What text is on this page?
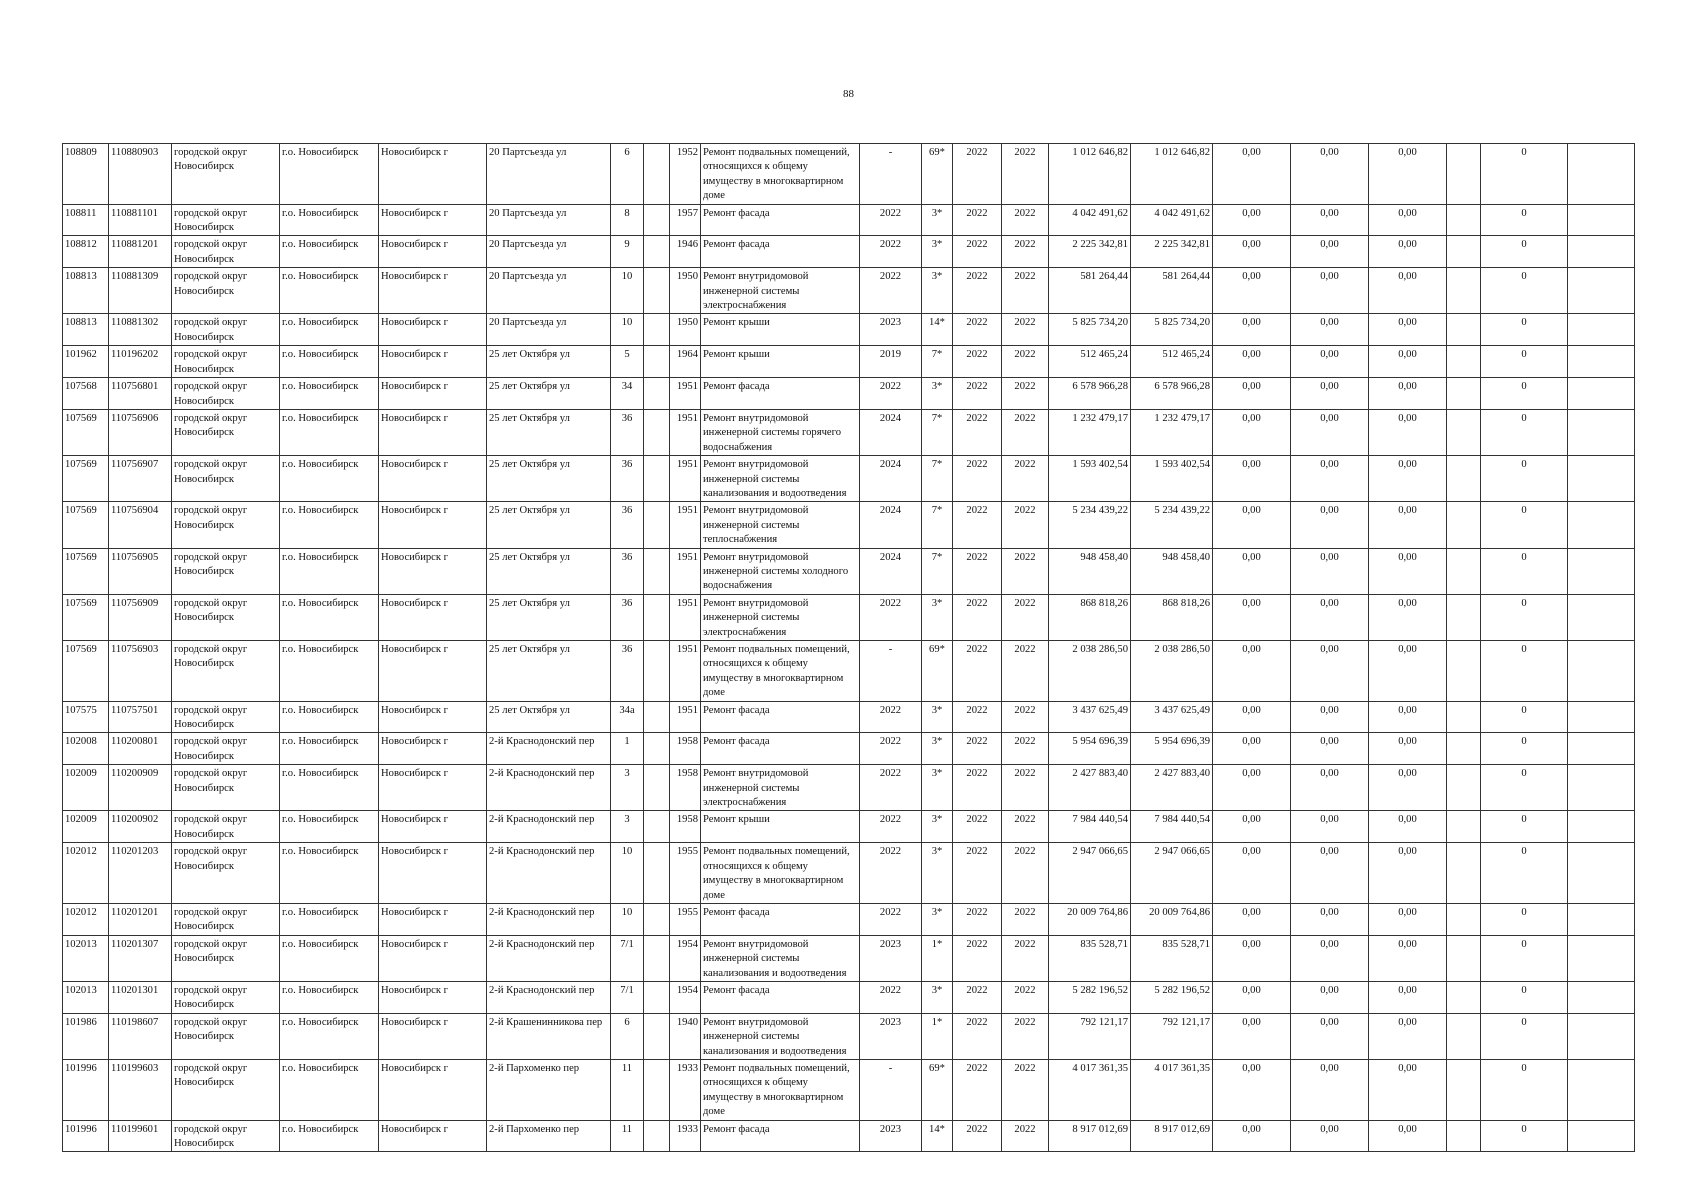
88
108809	110880903	городской округ Новосибирск	г.о. Новосибирск	Новосибирск г	20 Партсъезда ул	6		1952	Ремонт подвальных помещений, относящихся к общему имуществу в многоквартирном доме	-	69*	2022	2022	1 012 646,82	1 012 646,82	0,00	0,00	0,00		0	
108811	110881101	городской округ Новосибирск	г.о. Новосибирск	Новосибирск г	20 Партсъезда ул	8		1957	Ремонт фасада	2022	3*	2022	2022	4 042 491,62	4 042 491,62	0,00	0,00	0,00		0	
108812	110881201	городской округ Новосибирск	г.о. Новосибирск	Новосибирск г	20 Партсъезда ул	9		1946	Ремонт фасада	2022	3*	2022	2022	2 225 342,81	2 225 342,81	0,00	0,00	0,00		0	
108813	110881309	городской округ Новосибирск	г.о. Новосибирск	Новосибирск г	20 Партсъезда ул	10		1950	Ремонт внутридомовой инженерной системы электроснабжения	2022	3*	2022	2022	581 264,44	581 264,44	0,00	0,00	0,00		0	
108813	110881302	городской округ Новосибирск	г.о. Новосибирск	Новосибирск г	20 Партсъезда ул	10		1950	Ремонт крыши	2023	14*	2022	2022	5 825 734,20	5 825 734,20	0,00	0,00	0,00		0	
101962	110196202	городской округ Новосибирск	г.о. Новосибирск	Новосибирск г	25 лет Октября ул	5		1964	Ремонт крыши	2019	7*	2022	2022	512 465,24	512 465,24	0,00	0,00	0,00		0	
107568	110756801	городской округ Новосибирск	г.о. Новосибирск	Новосибирск г	25 лет Октября ул	34		1951	Ремонт фасада	2022	3*	2022	2022	6 578 966,28	6 578 966,28	0,00	0,00	0,00		0	
107569	110756906	городской округ Новосибирск	г.о. Новосибирск	Новосибирск г	25 лет Октября ул	36		1951	Ремонт внутридомовой инженерной системы горячего водоснабжения	2024	7*	2022	2022	1 232 479,17	1 232 479,17	0,00	0,00	0,00		0	
107569	110756907	городской округ Новосибирск	г.о. Новосибирск	Новосибирск г	25 лет Октября ул	36		1951	Ремонт внутридомовой инженерной системы канализования и водоотведения	2024	7*	2022	2022	1 593 402,54	1 593 402,54	0,00	0,00	0,00		0	
107569	110756904	городской округ Новосибирск	г.о. Новосибирск	Новосибирск г	25 лет Октября ул	36		1951	Ремонт внутридомовой инженерной системы теплоснабжения	2024	7*	2022	2022	5 234 439,22	5 234 439,22	0,00	0,00	0,00		0	
107569	110756905	городской округ Новосибирск	г.о. Новосибирск	Новосибирск г	25 лет Октября ул	36		1951	Ремонт внутридомовой инженерной системы холодного водоснабжения	2024	7*	2022	2022	948 458,40	948 458,40	0,00	0,00	0,00		0	
107569	110756909	городской округ Новосибирск	г.о. Новосибирск	Новосибирск г	25 лет Октября ул	36		1951	Ремонт внутридомовой инженерной системы электроснабжения	2022	3*	2022	2022	868 818,26	868 818,26	0,00	0,00	0,00		0	
107569	110756903	городской округ Новосибирск	г.о. Новосибирск	Новосибирск г	25 лет Октября ул	36		1951	Ремонт подвальных помещений, относящихся к общему имуществу в многоквартирном доме	-	69*	2022	2022	2 038 286,50	2 038 286,50	0,00	0,00	0,00		0	
107575	110757501	городской округ Новосибирск	г.о. Новосибирск	Новосибирск г	25 лет Октября ул	34а		1951	Ремонт фасада	2022	3*	2022	2022	3 437 625,49	3 437 625,49	0,00	0,00	0,00		0	
102008	110200801	городской округ Новосибирск	г.о. Новосибирск	Новосибирск г	2-й Краснодонский пер	1		1958	Ремонт фасада	2022	3*	2022	2022	5 954 696,39	5 954 696,39	0,00	0,00	0,00		0	
102009	110200909	городской округ Новосибирск	г.о. Новосибирск	Новосибирск г	2-й Краснодонский пер	3		1958	Ремонт внутридомовой инженерной системы электроснабжения	2022	3*	2022	2022	2 427 883,40	2 427 883,40	0,00	0,00	0,00		0	
102009	110200902	городской округ Новосибирск	г.о. Новосибирск	Новосибирск г	2-й Краснодонский пер	3		1958	Ремонт крыши	2022	3*	2022	2022	7 984 440,54	7 984 440,54	0,00	0,00	0,00		0	
102012	110201203	городской округ Новосибирск	г.о. Новосибирск	Новосибирск г	2-й Краснодонский пер	10		1955	Ремонт подвальных помещений, относящихся к общему имуществу в многоквартирном доме	2022	3*	2022	2022	2 947 066,65	2 947 066,65	0,00	0,00	0,00		0	
102012	110201201	городской округ Новосибирск	г.о. Новосибирск	Новосибирск г	2-й Краснодонский пер	10		1955	Ремонт фасада	2022	3*	2022	2022	20 009 764,86	20 009 764,86	0,00	0,00	0,00		0	
102013	110201307	городской округ Новосибирск	г.о. Новосибирск	Новосибирск г	2-й Краснодонский пер	7/1		1954	Ремонт внутридомовой инженерной системы канализования и водоотведения	2023	1*	2022	2022	835 528,71	835 528,71	0,00	0,00	0,00		0	
102013	110201301	городской округ Новосибирск	г.о. Новосибирск	Новосибирск г	2-й Краснодонский пер	7/1		1954	Ремонт фасада	2022	3*	2022	2022	5 282 196,52	5 282 196,52	0,00	0,00	0,00		0	
101986	110198607	городской округ Новосибирск	г.о. Новосибирск	Новосибирск г	2-й Крашенинникова пер	6		1940	Ремонт внутридомовой инженерной системы канализования и водоотведения	2023	1*	2022	2022	792 121,17	792 121,17	0,00	0,00	0,00		0	
101996	110199603	городской округ Новосибирск	г.о. Новосибирск	Новосибирск г	2-й Пархоменко пер	11		1933	Ремонт подвальных помещений, относящихся к общему имуществу в многоквартирном доме	-	69*	2022	2022	4 017 361,35	4 017 361,35	0,00	0,00	0,00		0	
101996	110199601	городской округ Новосибирск	г.о. Новосибирск	Новосибирск г	2-й Пархоменко пер	11		1933	Ремонт фасада	2023	14*	2022	2022	8 917 012,69	8 917 012,69	0,00	0,00	0,00		0	
